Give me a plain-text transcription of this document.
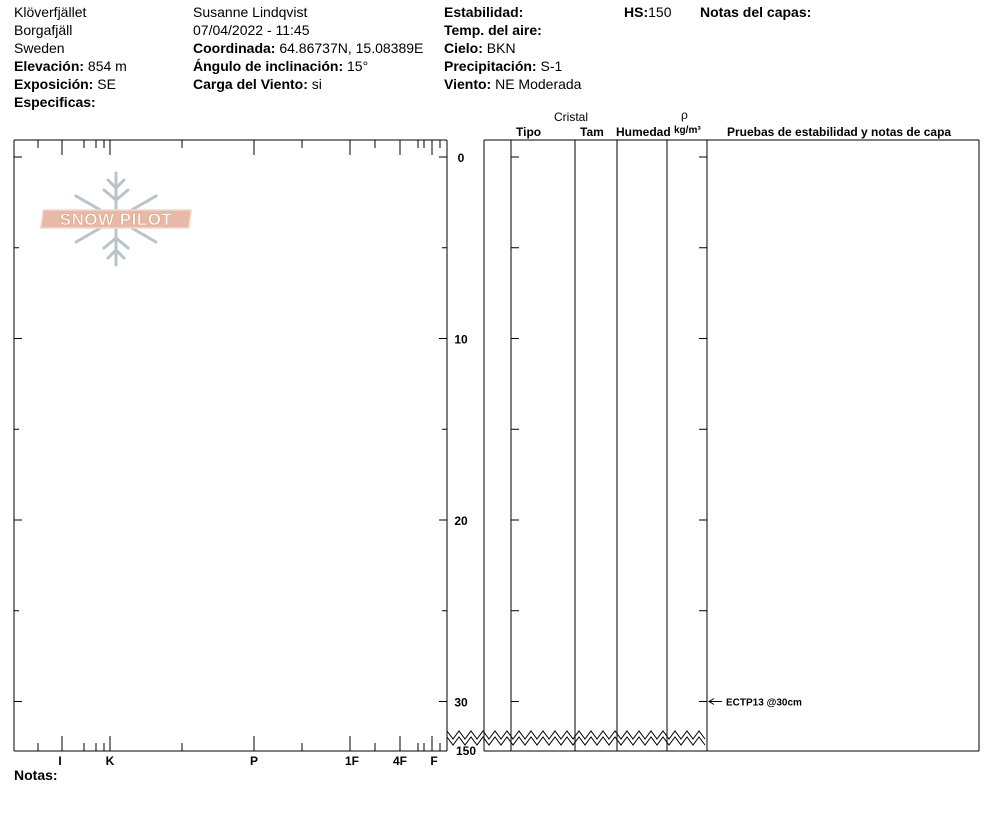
Klöverfjället
Borgafjäll
Sweden
Elevación: 854 m
Exposición: SE
Especificas:
Susanne Lindqvist
07/04/2022 - 11:45
Coordinada: 64.86737N, 15.08389E
Ángulo de inclinación: 15°
Carga del Viento: si
Estabilidad:
Temp. del aire:
Cielo: BKN
Precipitación: S-1
Viento: NE Moderada
HS:150 Notas del capas:
Cristal
Tipo	Tam Humedad
ρ
kg/m³ Pruebas de estabilidad y notas de capa
SNOW PILOT
I	K	P	1F	4F F
0
10
20
30
150
ECTP13 @30cm
Notas:
